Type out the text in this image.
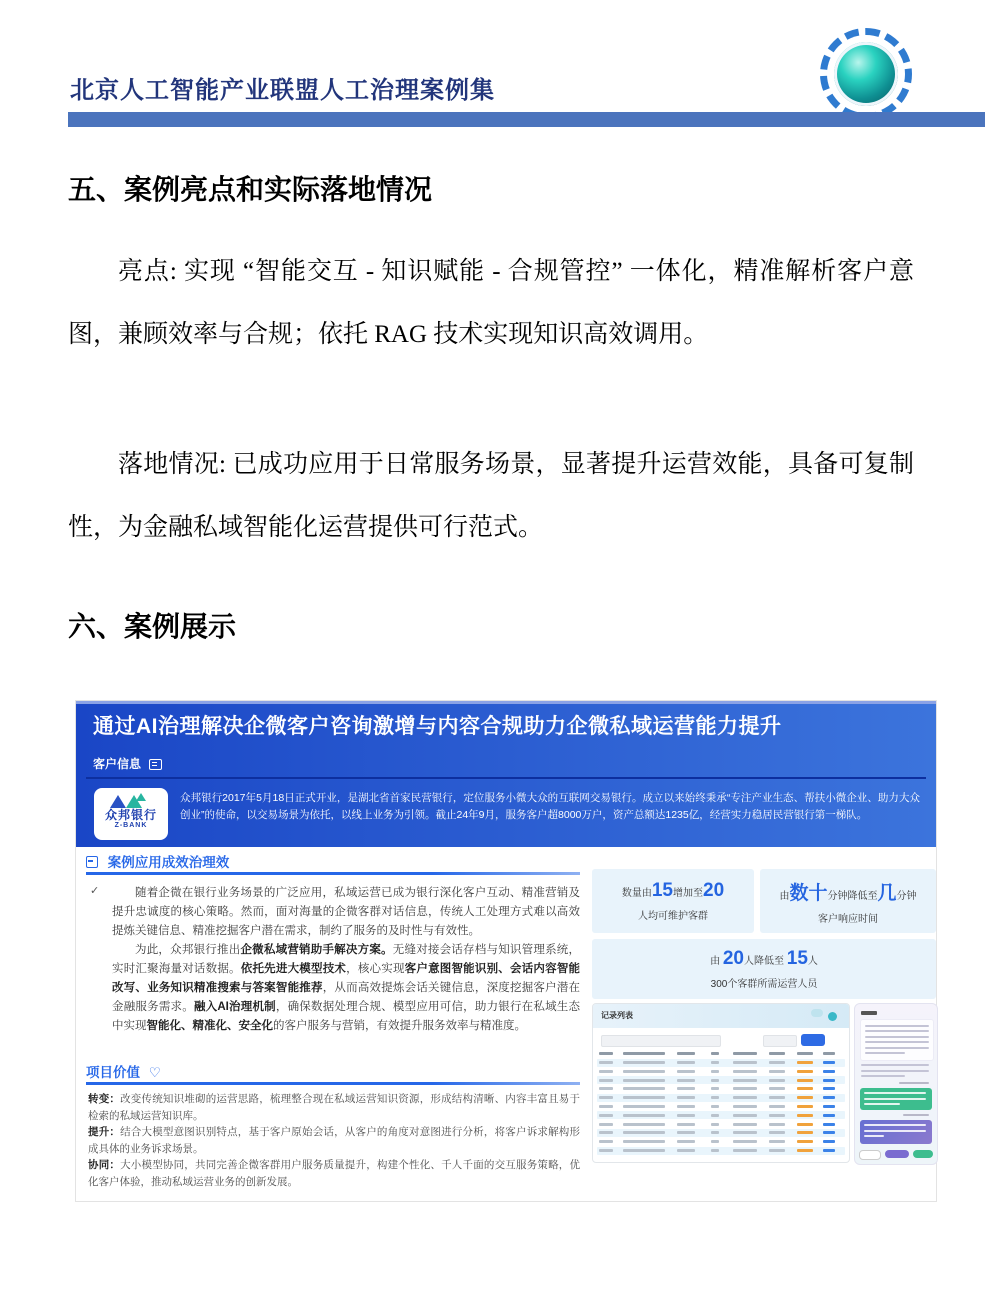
北京人工智能产业联盟人工治理案例集
五、案例亮点和实际落地情况

亮点: 实现 “智能交互 - 知识赋能 - 合规管控” 一体化，精准解析客户意图，兼顾效率与合规；依托 RAG 技术实现知识高效调用。

落地情况: 已成功应用于日常服务场景，显著提升运营效能，具备可复制性，为金融私域智能化运营提供可行范式。

六、案例展示
通过AI治理解决企微客户咨询激增与内容合规助力企微私域运营能力提升
客户信息
众邦银行
Z-BANK
众邦银行2017年5月18日正式开业，是湖北省首家民营银行，定位服务小微大众的互联网交易银行。成立以来始终秉承“专注产业生态、帮扶小微企业、助力大众创业”的使命，以交易场景为依托，以线上业务为引领。截止24年9月，服务客户超8000万户，资产总额达1235亿，经营实力稳居民营银行第一梯队。
案例应用成效治理效
✓	随着企微在银行业务场景的广泛应用，私域运营已成为银行深化客户互动、精准营销及提升忠诚度的核心策略。然而，面对海量的企微客群对话信息，传统人工处理方式难以高效提炼关键信息、精准挖掘客户潜在需求，制约了服务的及时性与有效性。

为此，众邦银行推出企微私域营销助手解决方案。无缝对接会话存档与知识管理系统，实时汇聚海量对话数据。依托先进大模型技术，核心实现客户意图智能识别、会话内容智能改写、业务知识精准搜索与答案智能推荐，从而高效提炼会话关键信息，深度挖掘客户潜在金融服务需求。融入AI治理机制，确保数据处理合规、模型应用可信，助力银行在私域生态中实现智能化、精准化、安全化的客户服务与营销，有效提升服务效率与精准度。

项目价值 ♡
转变：改变传统知识堆砌的运营思路，梳理整合现在私域运营知识资源，形成结构清晰、内容丰富且易于检索的私域运营知识库。
提升：结合大模型意图识别特点，基于客户原始会话，从客户的角度对意图进行分析，将客户诉求解构形成具体的业务诉求场景。
协同：大小模型协同，共同完善企微客群用户服务质量提升，构建个性化、千人千面的交互服务策略，优化客户体验，推动私域运营业务的创新发展。
数量由15增加至20
人均可维护客群
由数十分钟降低至几分钟
客户响应时间
由 20人降低至 15人
300个客群所需运营人员
记录列表
